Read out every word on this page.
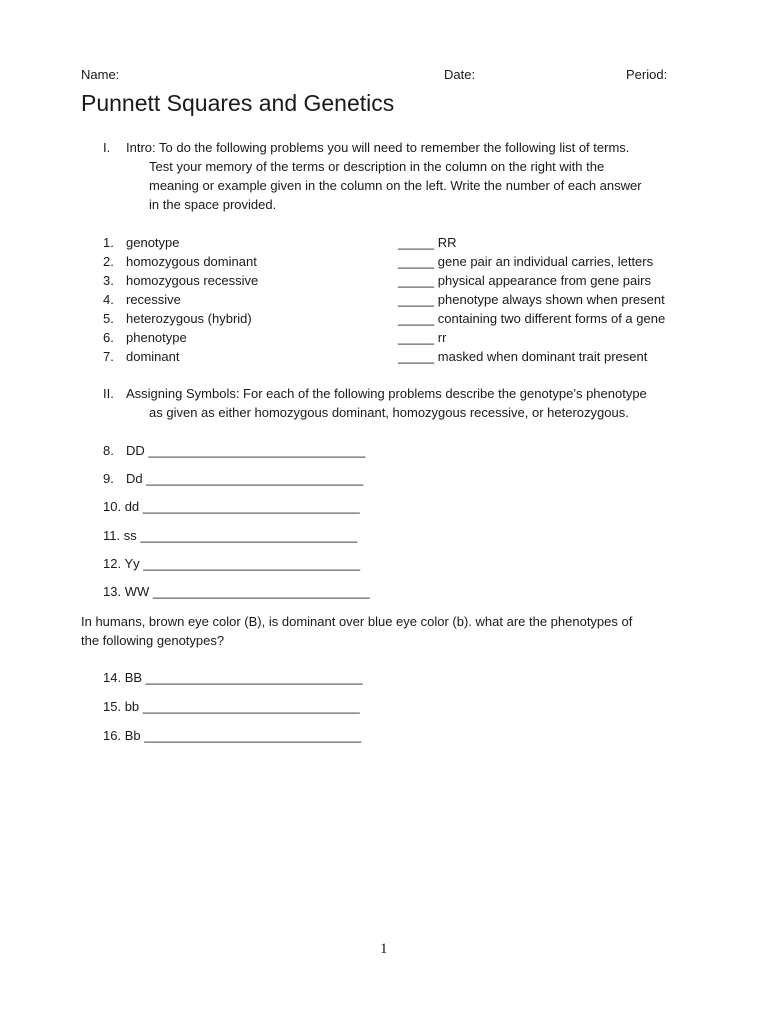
Name:	Date:	Period:
Punnett Squares and Genetics
I. Intro: To do the following problems you will need to remember the following list of terms.
Test your memory of the terms or description in the column on the right with the
meaning or example given in the column on the left. Write the number of each answer
in the space provided.
1. genotype
2. homozygous dominant
3. homozygous recessive
4. recessive
5. heterozygous (hybrid)
6. phenotype
7. dominant
_____ RR
_____ gene pair an individual carries, letters
_____ physical appearance from gene pairs
_____ phenotype always shown when present
_____ containing two different forms of a gene
_____ rr
_____ masked when dominant trait present
II. Assigning Symbols: For each of the following problems describe the genotype’s phenotype
as given as either homozygous dominant, homozygous recessive, or heterozygous.
8. DD ______________________________
9. Dd ______________________________
10. dd ______________________________
11. ss ______________________________
12. Yy ______________________________
13. WW ______________________________
In humans, brown eye color (B), is dominant over blue eye color (b). what are the phenotypes of
the following genotypes?
14. BB ______________________________
15. bb ______________________________
16. Bb ______________________________
1
